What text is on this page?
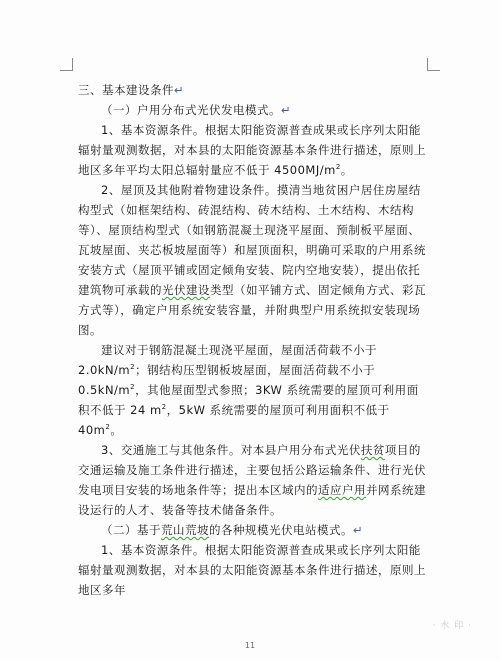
三、基本建设条件↵

（一）户用分布式光伏发电模式。↵

1、基本资源条件。根据太阳能资源普查成果或长序列太阳能辐射量观测数据，对本县的太阳能资源基本条件进行描述，原则上地区多年平均太阳总辐射量应不低于 $4500MJ/m^2$。

2、屋顶及其他附着物建设条件。摸清当地贫困户居住房屋结构型式（如框架结构、砖混结构、砖木结构、土木结构、木结构等）、屋顶结构型式（如钢筋混凝土现浇平屋面、预制板平屋面、瓦坡屋面、夹芯板坡屋面等）和屋顶面积，明确可采取的户用系统安装方式（屋顶平铺或固定倾角安装、院内空地安装），提出依托建筑物可承载的光伏建设类型（如平铺方式、固定倾角方式、彩瓦方式等），确定户用系统安装容量，并附典型户用系统拟安装现场图。

建议对于钢筋混凝土现浇平屋面，屋面活荷载不小于 $2.0kN/m^2$；钢结构压型钢板坡屋面，屋面活荷载不小于 $0.5kN/m^2$，其他屋面型式参照；3KW 系统需要的屋顶可利用面积不低于 24 $m^2$，5kW 系统需要的屋顶可利用面积不低于 $40m^2$。

3、交通施工与其他条件。对本县户用分布式光伏扶贫项目的交通运输及施工条件进行描述，主要包括公路运输条件、进行光伏发电项目安装的场地条件等；提出本区域内的适应户用并网系统建设运行的人才、装备等技术储备条件。

（二）基于荒山荒坡的各种规模光伏电站模式。↵

1、基本资源条件。根据太阳能资源普查成果或长序列太阳能辐射量观测数据，对本县的太阳能资源基本条件进行描述，原则上地区多年

· 水 印 ·
11
